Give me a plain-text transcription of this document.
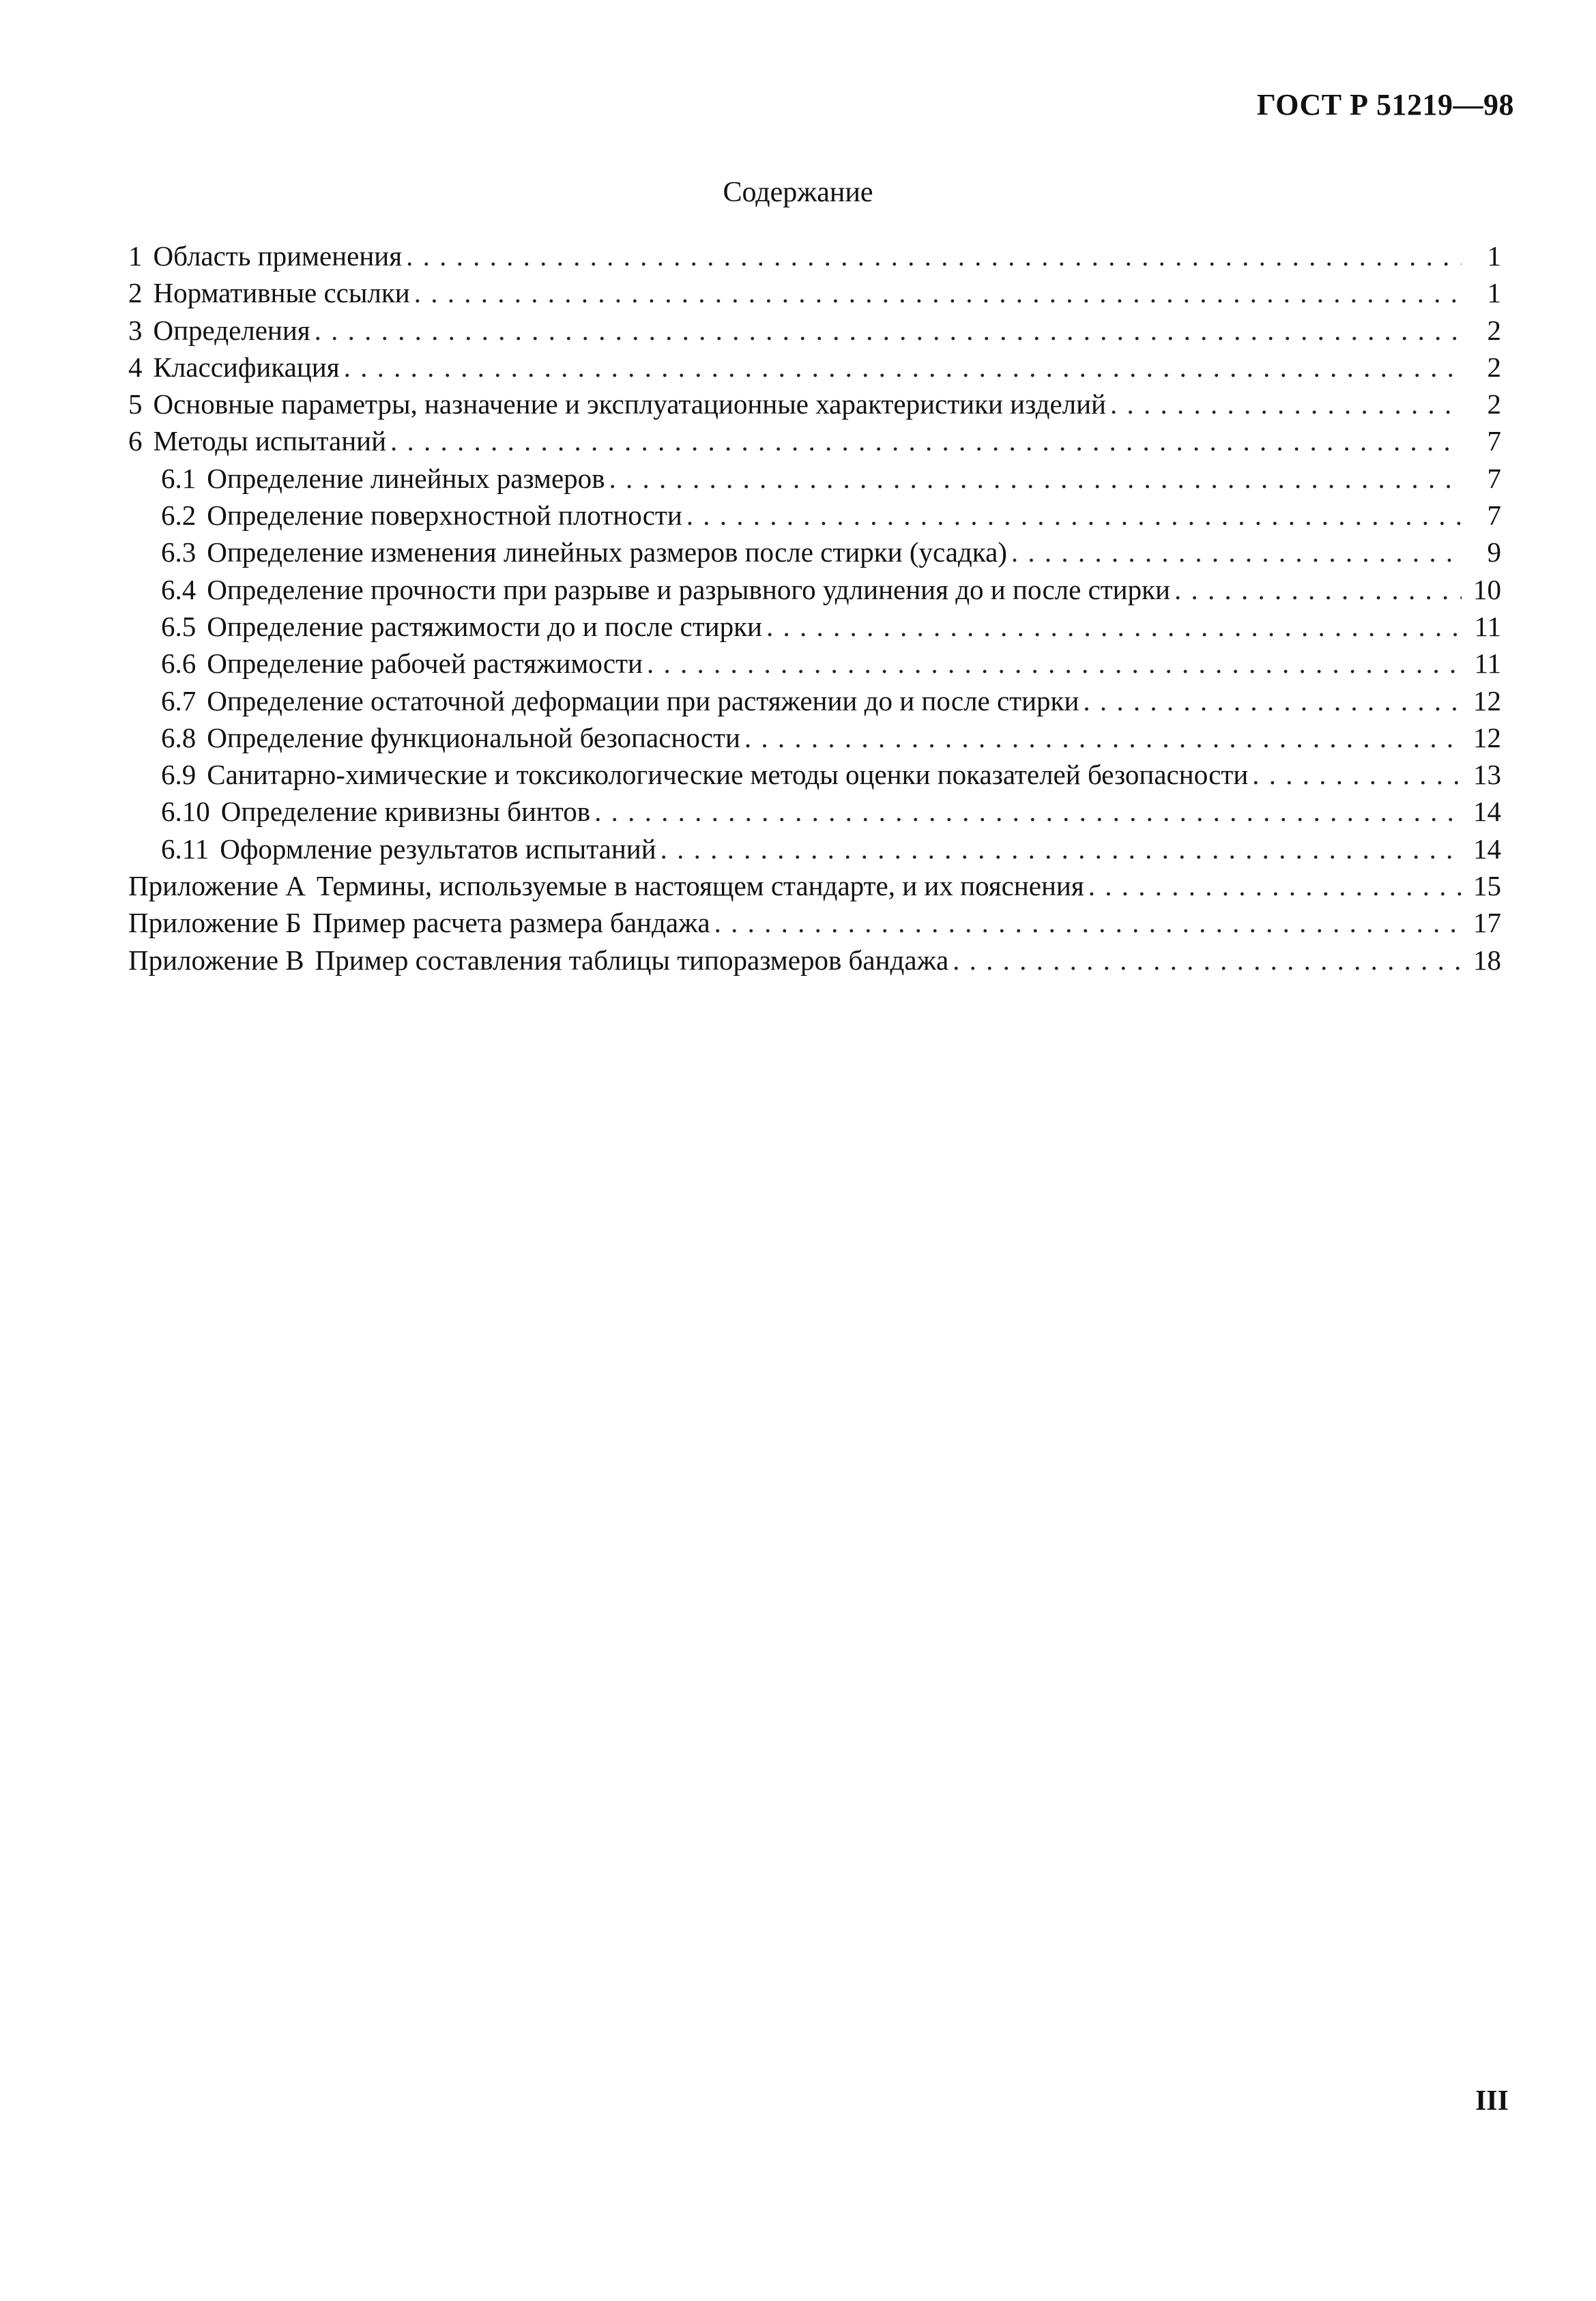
ГОСТ Р 51219—98
Содержание
1 Область применения . . .	1
2 Нормативные ссылки . . .	1
3 Определения . . .	2
4 Классификация . . .	2
5 Основные параметры, назначение и эксплуатационные характеристики изделий . . .	2
6 Методы испытаний . . .	7
6.1 Определение линейных размеров . . .	7
6.2 Определение поверхностной плотности . . .	7
6.3 Определение изменения линейных размеров после стирки (усадка) . . .	9
6.4 Определение прочности при разрыве и разрывного удлинения до и после стирки . . .	10
6.5 Определение растяжимости до и после стирки . . .	11
6.6 Определение рабочей растяжимости . . .	11
6.7 Определение остаточной деформации при растяжении до и после стирки . . .	12
6.8 Определение функциональной безопасности . . .	12
6.9 Санитарно-химические и токсикологические методы оценки показателей безопасности . . .	13
6.10 Определение кривизны бинтов . . .	14
6.11 Оформление результатов испытаний . . .	14
Приложение А Термины, используемые в настоящем стандарте, и их пояснения . . .	15
Приложение Б Пример расчета размера бандажа . . .	17
Приложение В Пример составления таблицы типоразмеров бандажа . . .	18
III
